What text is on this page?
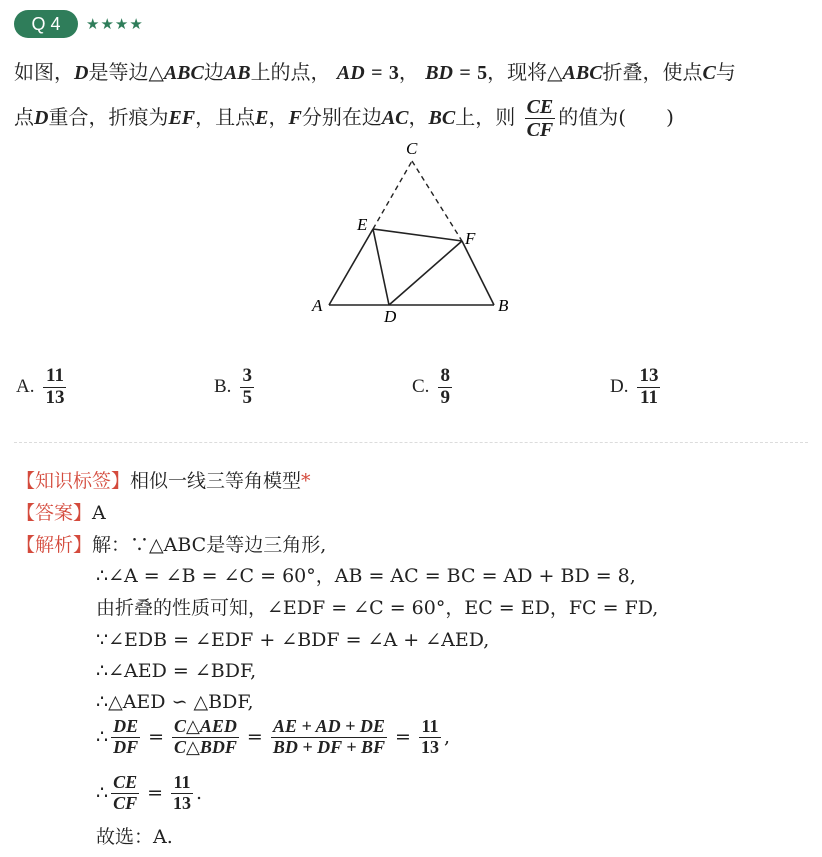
Q 4	★★★★
如图，D是等边△ABC边AB上的点， AD = 3， BD = 5，现将△ABC折叠，使点C与
点D重合，折痕为EF，且点E，F分别在边AC，BC上，则 $\frac{CE}{CF}$ 的值为( )
C
E
F
A
D
B
A. $\frac{11}{13}$	B. $\frac{3}{5}$	C. $\frac{8}{9}$	D. $\frac{13}{11}$
【知识标签】相似一线三等角模型*
【答案】A
【解析】解：∵△ABC是等边三角形,
∴∠A = ∠B = ∠C = 60°，AB = AC = BC = AD + BD = 8,
由折叠的性质可知，∠EDF = ∠C = 60°，EC = ED，FC = FD,
∵∠EDB = ∠EDF + ∠BDF = ∠A + ∠AED,
∴∠AED = ∠BDF,
∴△AED ∽ △BDF,
∴ $\frac{DE}{DF} = \frac{\text{C△AED}}{\text{C△BDF}} = \frac{AE + AD + DE}{BD + DF + BF} = \frac{11}{13}$ ,
∴ $\frac{CE}{CF} = \frac{11}{13}$ .
故选：A.
